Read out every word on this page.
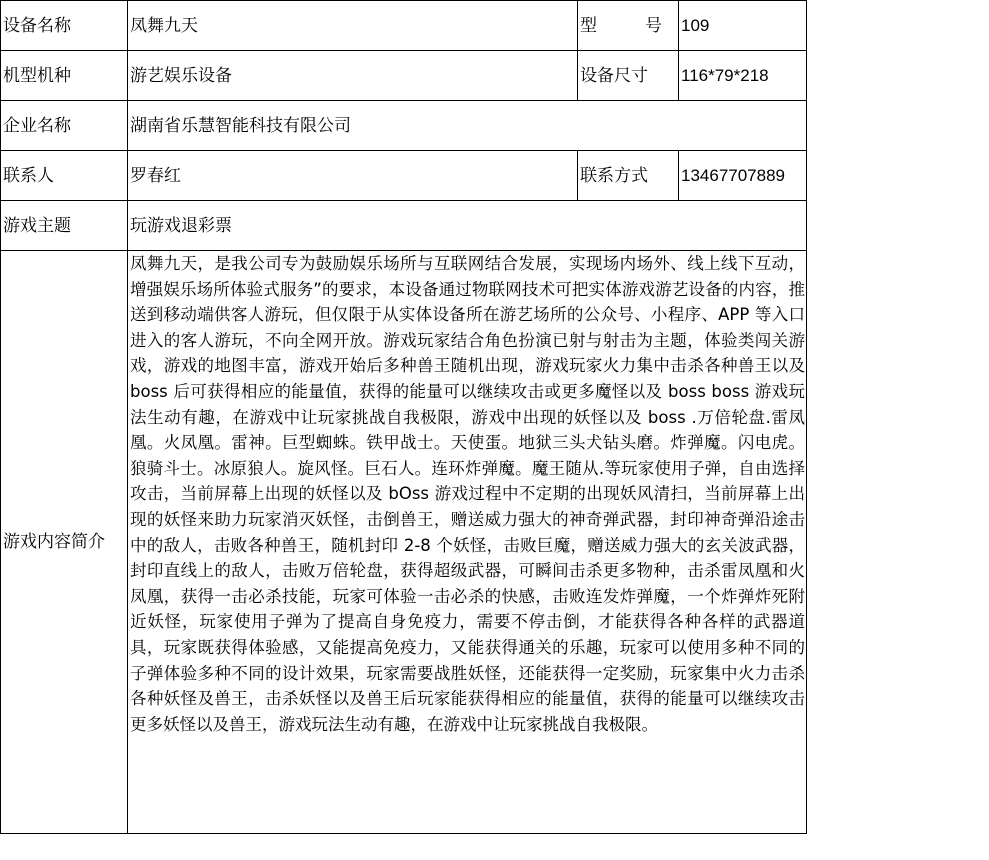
设备名称	凤舞九天	型　　号	109
机型机种	游艺娱乐设备	设备尺寸	116*79*218
企业名称	湖南省乐慧智能科技有限公司		
联系人	罗春红	联系方式	13467707889
游戏主题	玩游戏退彩票		
游戏内容简介	凤舞九天，是我公司专为鼓励娱乐场所与互联网结合发展，实现场内场外、线上线下互动，增强娱乐场所体验式服务”的要求，本设备通过物联网技术可把实体游戏游艺设备的内容，推送到移动端供客人游玩，但仅限于从实体设备所在游艺场所的公众号、小程序、APP 等入口进入的客人游玩，不向全网开放。游戏玩家结合角色扮演已射与射击为主题，体验类闯关游戏，游戏的地图丰富，游戏开始后多种兽王随机出现，游戏玩家火力集中击杀各种兽王以及 boss 后可获得相应的能量值，获得的能量可以继续攻击或更多魔怪以及 boss boss 游戏玩法生动有趣，在游戏中让玩家挑战自我极限，游戏中出现的妖怪以及 boss .万倍轮盘.雷凤凰。火凤凰。雷神。巨型蜘蛛。铁甲战士。天使蛋。地狱三头犬钻头磨。炸弹魔。闪电虎。狼骑斗士。冰原狼人。旋风怪。巨石人。连环炸弹魔。魔王随从.等玩家使用子弹，自由选择攻击，当前屏幕上出现的妖怪以及 bOss 游戏过程中不定期的出现妖风清扫，当前屏幕上出现的妖怪来助力玩家消灭妖怪，击倒兽王，赠送威力强大的神奇弹武器，封印神奇弹沿途击中的敌人，击败各种兽王，随机封印 2-8 个妖怪，击败巨魔，赠送威力强大的玄关波武器，封印直线上的敌人，击败万倍轮盘，获得超级武器，可瞬间击杀更多物种，击杀雷凤凰和火凤凰，获得一击必杀技能，玩家可体验一击必杀的快感，击败连发炸弹魔，一个炸弹炸死附近妖怪，玩家使用子弹为了提高自身免疫力，需要不停击倒，才能获得各种各样的武器道具，玩家既获得体验感，又能提高免疫力，又能获得通关的乐趣，玩家可以使用多种不同的子弹体验多种不同的设计效果，玩家需要战胜妖怪，还能获得一定奖励，玩家集中火力击杀各种妖怪及兽王，击杀妖怪以及兽王后玩家能获得相应的能量值，获得的能量可以继续攻击更多妖怪以及兽王，游戏玩法生动有趣，在游戏中让玩家挑战自我极限。		
